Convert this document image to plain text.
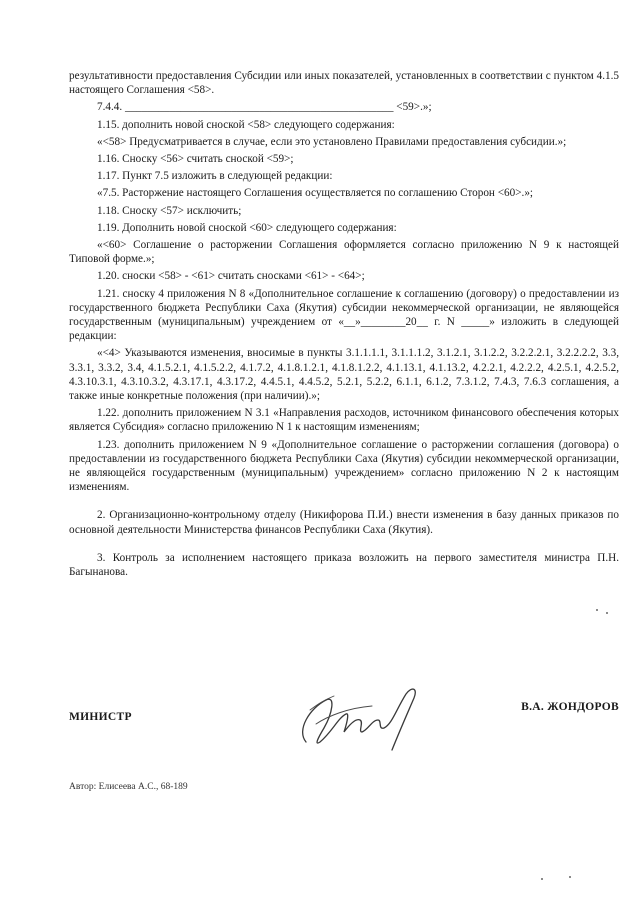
результативности предоставления Субсидии или иных показателей, установленных в соответствии с пунктом 4.1.5 настоящего Соглашения <58>.

7.4.4. ________________________________________________ <59>.»;

1.15. дополнить новой сноской <58> следующего содержания:

«<58> Предусматривается в случае, если это установлено Правилами предоставления субсидии.»;

1.16. Сноску <56> считать сноской <59>;

1.17. Пункт 7.5 изложить в следующей редакции:

«7.5. Расторжение настоящего Соглашения осуществляется по соглашению Сторон <60>.»;

1.18. Сноску <57> исключить;

1.19. Дополнить новой сноской <60> следующего содержания:

«<60> Соглашение о расторжении Соглашения оформляется согласно приложению N 9 к настоящей Типовой форме.»;

1.20. сноски <58> - <61> считать сносками <61> - <64>;

1.21. сноску 4 приложения N 8 «Дополнительное соглашение к соглашению (договору) о предоставлении из государственного бюджета Республики Саха (Якутия) субсидии некоммерческой организации, не являющейся государственным (муниципальным) учреждением от «__»________20__ г. N _____» изложить в следующей редакции:

«<4> Указываются изменения, вносимые в пункты 3.1.1.1.1, 3.1.1.1.2, 3.1.2.1, 3.1.2.2, 3.2.2.2.1, 3.2.2.2.2, 3.3, 3.3.1, 3.3.2, 3.4, 4.1.5.2.1, 4.1.5.2.2, 4.1.7.2, 4.1.8.1.2.1, 4.1.8.1.2.2, 4.1.13.1, 4.1.13.2, 4.2.2.1, 4.2.2.2, 4.2.5.1, 4.2.5.2, 4.3.10.3.1, 4.3.10.3.2, 4.3.17.1, 4.3.17.2, 4.4.5.1, 4.4.5.2, 5.2.1, 5.2.2, 6.1.1, 6.1.2, 7.3.1.2, 7.4.3, 7.6.3 соглашения, а также иные конкретные положения (при наличии).»;

1.22. дополнить приложением N 3.1 «Направления расходов, источником финансового обеспечения которых является Субсидия» согласно приложению N 1 к настоящим изменениям;

1.23. дополнить приложением N 9 «Дополнительное соглашение о расторжении соглашения (договора) о предоставлении из государственного бюджета Республики Саха (Якутия) субсидии некоммерческой организации, не являющейся государственным (муниципальным) учреждением» согласно приложению N 2 к настоящим изменениям.

2. Организационно-контрольному отделу (Никифорова П.И.) внести изменения в базу данных приказов по основной деятельности Министерства финансов Республики Саха (Якутия).

3. Контроль за исполнением настоящего приказа возложить на первого заместителя министра П.Н. Багынанова.

МИНИСТР
В.А. ЖОНДОРОВ
Автор: Елисеева А.С., 68-189
